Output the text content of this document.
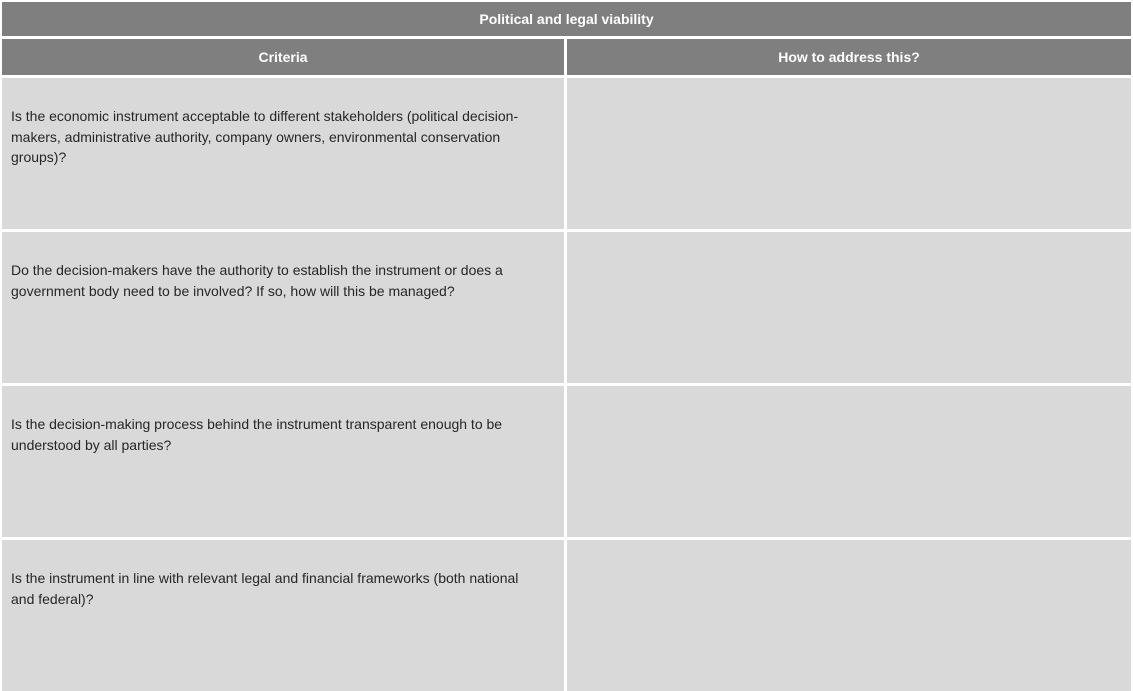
Political and legal viability
Criteria	How to address this?
Is the economic instrument acceptable to different stakeholders (political decision-makers, administrative authority, company owners, environmental conservation groups)?
Do the decision-makers have the authority to establish the instrument or does a government body need to be involved? If so, how will this be managed?
Is the decision-making process behind the instrument transparent enough to be understood by all parties?
Is the instrument in line with relevant legal and financial frameworks (both national and federal)?
